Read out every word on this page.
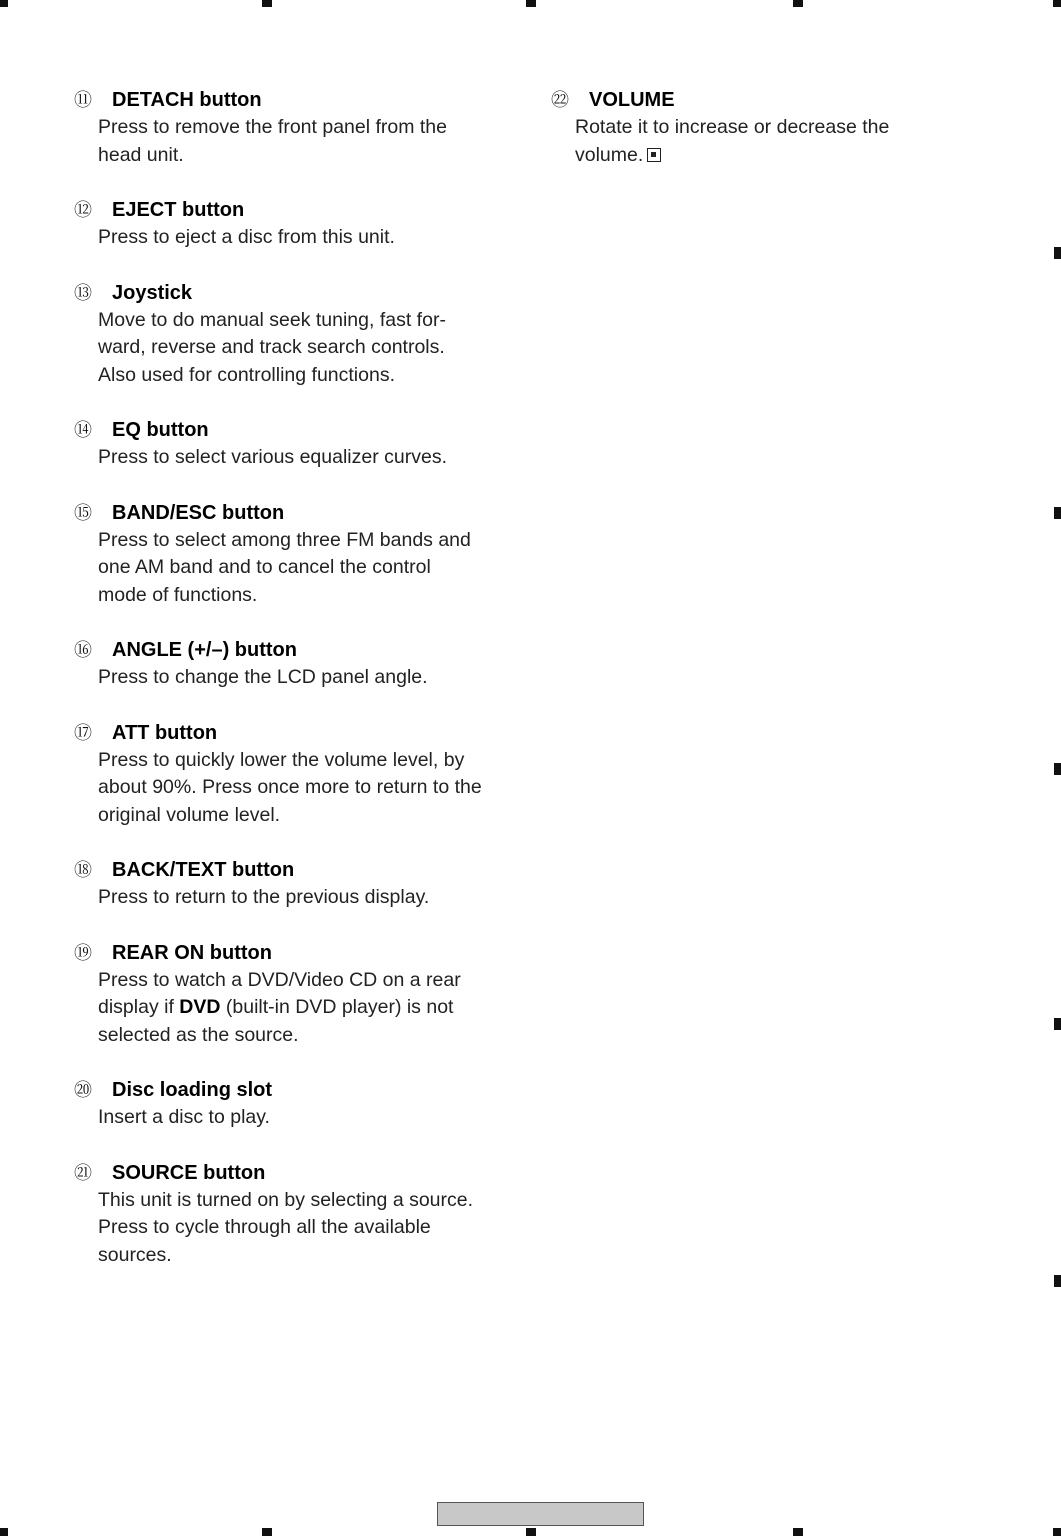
⑪	DETACH button
Press to remove the front panel from the
head unit.
⑫	EJECT button
Press to eject a disc from this unit.
⑬	Joystick
Move to do manual seek tuning, fast for-
ward, reverse and track search controls.
Also used for controlling functions.
⑭	EQ button
Press to select various equalizer curves.
⑮	BAND/ESC button
Press to select among three FM bands and
one AM band and to cancel the control
mode of functions.
⑯	ANGLE (+/–) button
Press to change the LCD panel angle.
⑰	ATT button
Press to quickly lower the volume level, by
about 90%. Press once more to return to the
original volume level.
⑱	BACK/TEXT button
Press to return to the previous display.
⑲	REAR ON button
Press to watch a DVD/Video CD on a rear
display if DVD (built-in DVD player) is not
selected as the source.
⑳	Disc loading slot
Insert a disc to play.
㉑	SOURCE button
This unit is turned on by selecting a source.
Press to cycle through all the available
sources.
㉒	VOLUME
Rotate it to increase or decrease the
volume.
